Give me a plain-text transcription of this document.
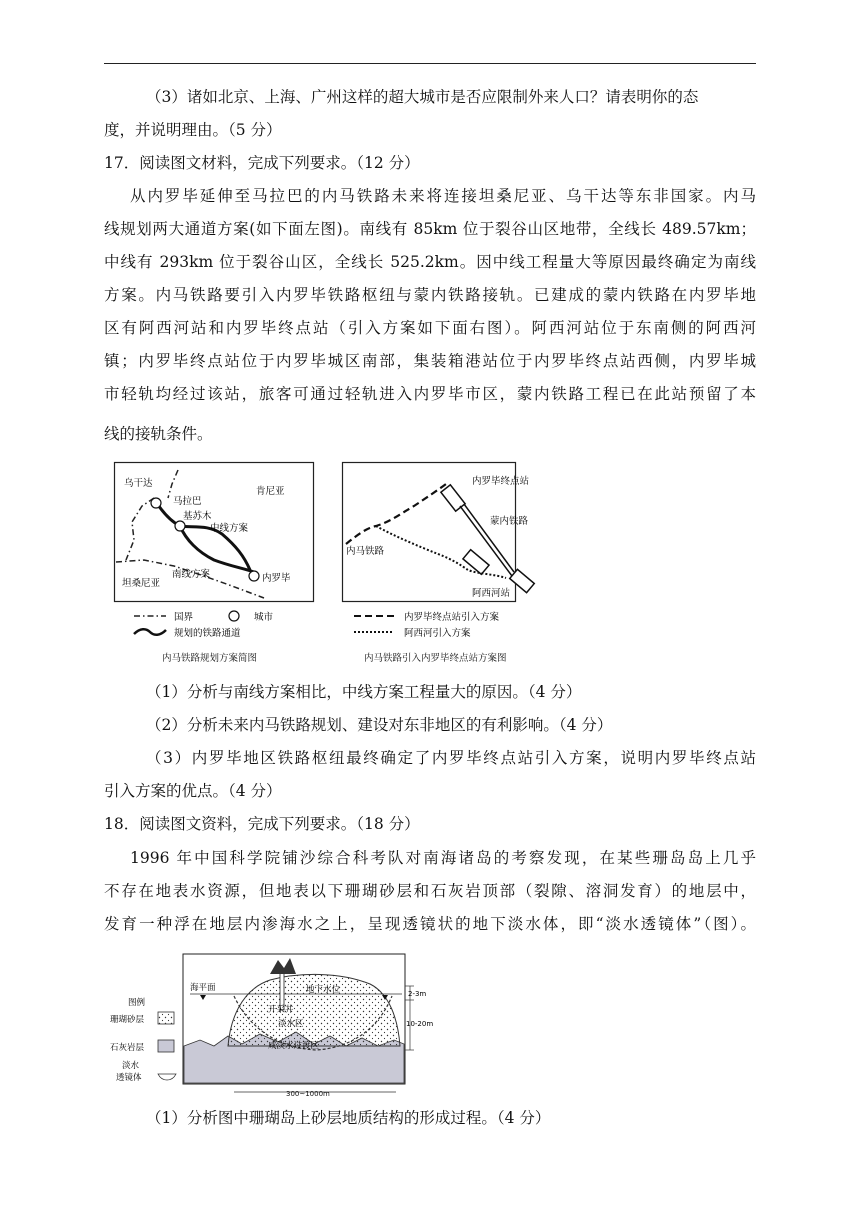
（3）诸如北京、上海、广州这样的超大城市是否应限制外来人口？请表明你的态
度，并说明理由。（5 分）
17．阅读图文材料，完成下列要求。（12 分）
从内罗毕延伸至马拉巴的内马铁路未来将连接坦桑尼亚、乌干达等东非国家。内马
线规划两大通道方案(如下面左图)。南线有 85km 位于裂谷山区地带，全线长 489.57km；
中线有 293km 位于裂谷山区，全线长 525.2km。因中线工程量大等原因最终确定为南线
方案。内马铁路要引入内罗毕铁路枢纽与蒙内铁路接轨。已建成的蒙内铁路在内罗毕地
区有阿西河站和内罗毕终点站（引入方案如下面右图）。阿西河站位于东南侧的阿西河
镇；内罗毕终点站位于内罗毕城区南部，集装箱港站位于内罗毕终点站西侧，内罗毕城
市轻轨均经过该站，旅客可通过轻轨进入内罗毕市区，蒙内铁路工程已在此站预留了本
线的接轨条件。
乌干达
马拉巴
肯尼亚
基苏木
中线方案
南线方案	内罗毕
坦桑尼亚
国界	城市
规划的铁路通道
内马铁路规划方案简图
内罗毕终点站
蒙内铁路
内马铁路
阿西河站
内罗毕终点站引入方案
阿西河引入方案
内马铁路引入内罗毕终点站方案图
（1）分析与南线方案相比，中线方案工程量大的原因。（4 分）
（2）分析未来内马铁路规划、建设对东非地区的有利影响。（4 分）
（3）内罗毕地区铁路枢纽最终确定了内罗毕终点站引入方案，说明内罗毕终点站
引入方案的优点。（4 分）
18．阅读图文资料，完成下列要求。（18 分）
1996 年中国科学院铺沙综合科考队对南海诸岛的考察发现，在某些珊岛岛上几乎
不存在地表水资源，但地表以下珊瑚砂层和石灰岩顶部（裂隙、溶洞发育）的地层中，
发育一种浮在地层内渗海水之上，呈现透镜状的地下淡水体，即“淡水透镜体”（图）。
图例
珊瑚砂层
石灰岩层
淡水
透镜体
海平面	地下水位
开采井
淡水区
咸淡水过渡区
2-3m
10-20m
300~1000m
（1）分析图中珊瑚岛上砂层地质结构的形成过程。（4 分）
